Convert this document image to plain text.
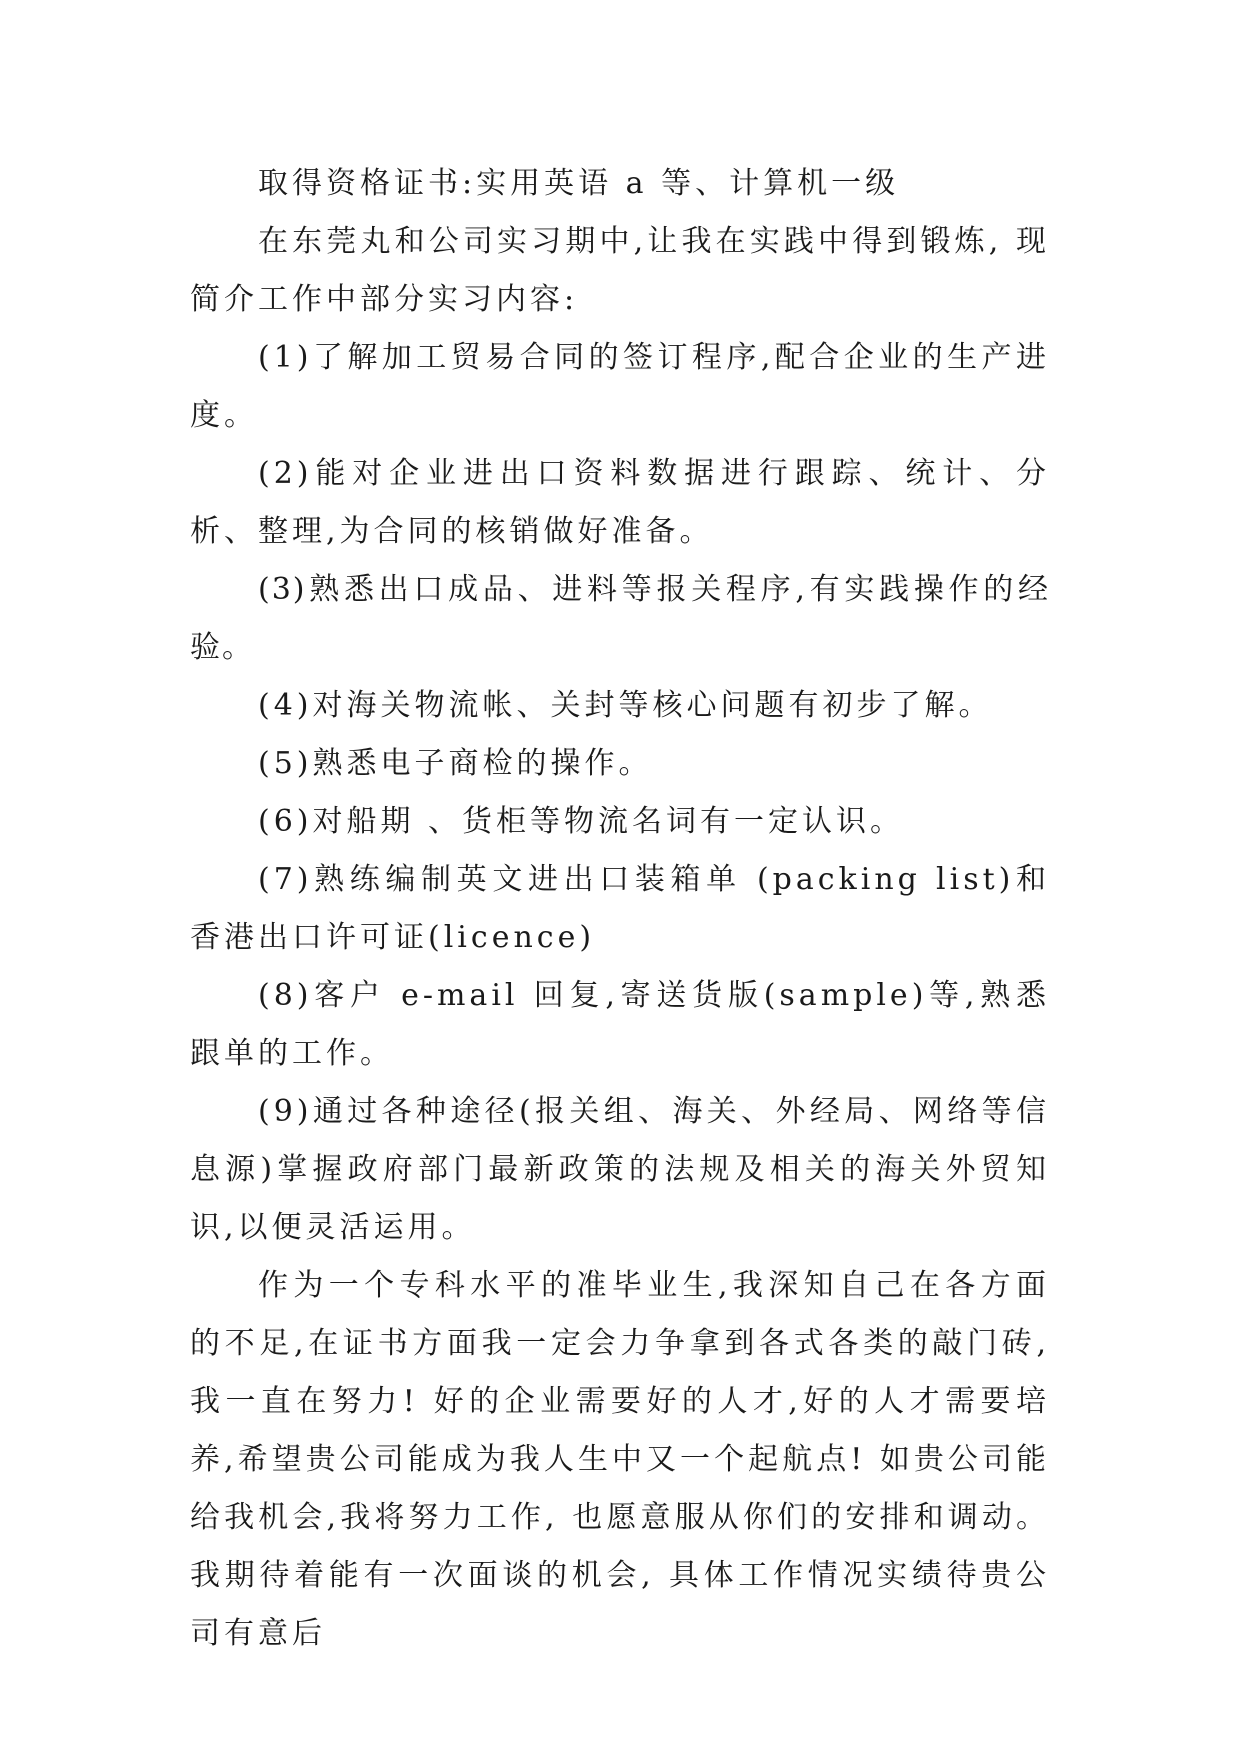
取得资格证书:实用英语 a 等、计算机一级

在东莞丸和公司实习期中,让我在实践中得到锻炼, 现简介工作中部分实习内容:

(1)了解加工贸易合同的签订程序,配合企业的生产进度。

(2)能对企业进出口资料数据进行跟踪、统计、分析、整理,为合同的核销做好准备。

(3)熟悉出口成品、进料等报关程序,有实践操作的经验。

(4)对海关物流帐、关封等核心问题有初步了解。

(5)熟悉电子商检的操作。

(6)对船期 、货柜等物流名词有一定认识。

(7)熟练编制英文进出口装箱单 (packing list)和香港出口许可证(licence)

(8)客户 e-mail 回复,寄送货版(sample)等,熟悉跟单的工作。

(9)通过各种途径(报关组、海关、外经局、网络等信息源)掌握政府部门最新政策的法规及相关的海关外贸知识,以便灵活运用。

作为一个专科水平的准毕业生,我深知自己在各方面的不足,在证书方面我一定会力争拿到各式各类的敲门砖,我一直在努力! 好的企业需要好的人才,好的人才需要培养,希望贵公司能成为我人生中又一个起航点! 如贵公司能给我机会,我将努力工作, 也愿意服从你们的安排和调动。我期待着能有一次面谈的机会, 具体工作情况实绩待贵公司有意后
